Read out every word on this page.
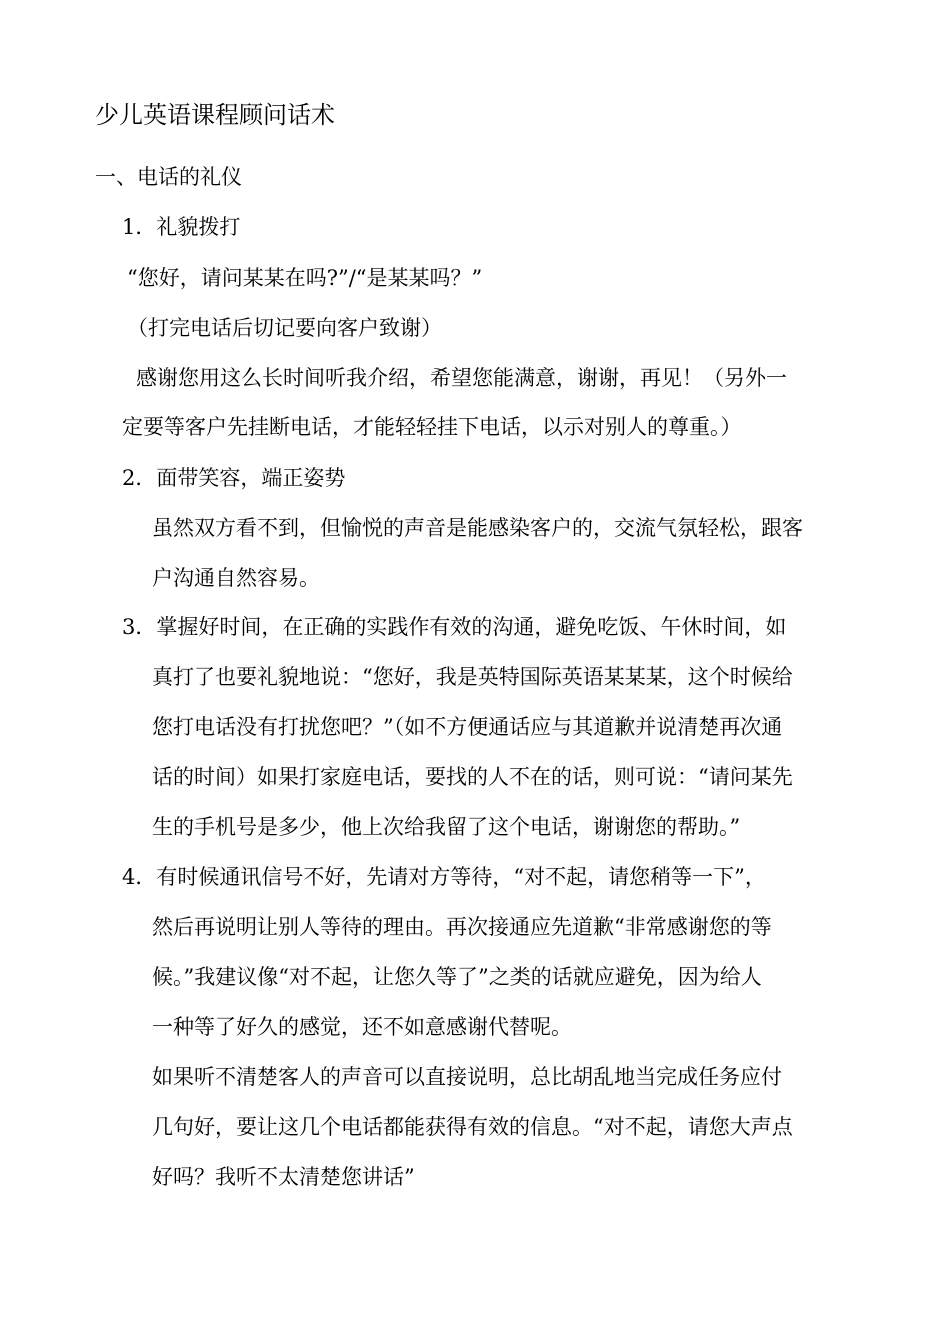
少儿英语课程顾问话术
一、电话的礼仪
1．礼貌拨打
“您好，请问某某在吗?”/“是某某吗？”
（打完电话后切记要向客户致谢）
感谢您用这么长时间听我介绍，希望您能满意，谢谢，再见！（另外一
定要等客户先挂断电话，才能轻轻挂下电话，以示对别人的尊重。）
2．面带笑容，端正姿势
虽然双方看不到，但愉悦的声音是能感染客户的，交流气氛轻松，跟客
户沟通自然容易。
3．掌握好时间，在正确的实践作有效的沟通，避免吃饭、午休时间，如
真打了也要礼貌地说：“您好，我是英特国际英语某某某，这个时候给
您打电话没有打扰您吧？”（如不方便通话应与其道歉并说清楚再次通
话的时间）如果打家庭电话，要找的人不在的话，则可说：“请问某先
生的手机号是多少，他上次给我留了这个电话，谢谢您的帮助。”
4．有时候通讯信号不好，先请对方等待，“对不起，请您稍等一下”，
然后再说明让别人等待的理由。再次接通应先道歉“非常感谢您的等
候。”我建议像“对不起，让您久等了”之类的话就应避免，因为给人
一种等了好久的感觉，还不如意感谢代替呢。
如果听不清楚客人的声音可以直接说明，总比胡乱地当完成任务应付
几句好，要让这几个电话都能获得有效的信息。“对不起，请您大声点
好吗？我听不太清楚您讲话”
